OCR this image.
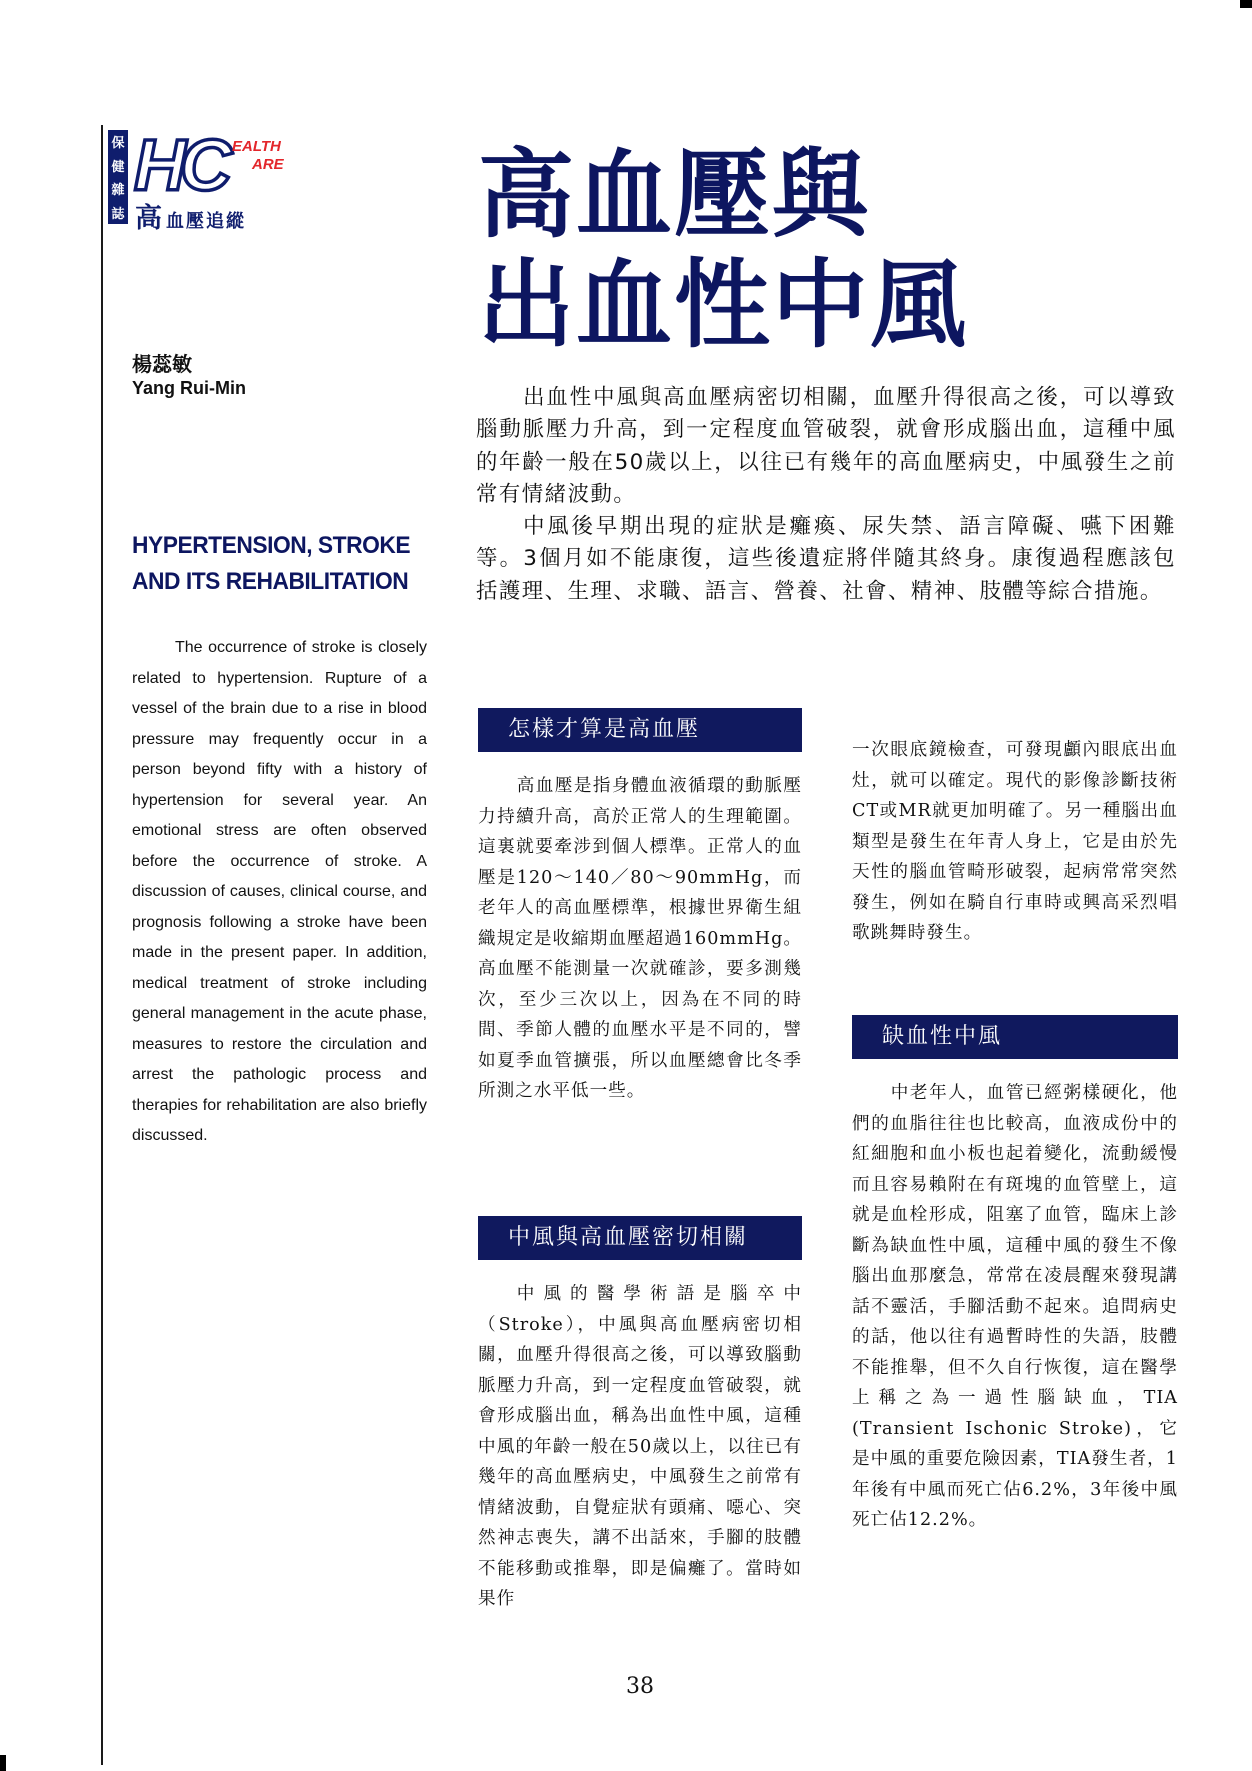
保
健
雜
誌
HC EALTH
ARE
高血壓追縱 高血壓與
出血性中風
楊蕊敏
Yang Rui-Min
HYPERTENSION, STROKE
AND ITS REHABILITATION

The occurrence of stroke is closely related to hypertension. Rupture of a vessel of the brain due to a rise in blood pressure may frequently occur in a person beyond fifty with a history of hypertension for several year. An emotional stress are often observed before the occurrence of stroke. A discussion of causes, clinical course, and prognosis following a stroke have been made in the present paper. In addition, medical treatment of stroke including general management in the acute phase, measures to restore the circulation and arrest the pathologic process and therapies for rehabilitation are also briefly discussed.

出血性中風與高血壓病密切相關，血壓升得很高之後，可以導致腦動脈壓力升高，到一定程度血管破裂，就會形成腦出血，這種中風的年齡一般在50歲以上，以往已有幾年的高血壓病史，中風發生之前常有情緒波動。

中風後早期出現的症狀是癱瘓、尿失禁、語言障礙、嚥下困難等。3個月如不能康復，這些後遺症將伴隨其終身。康復過程應該包括護理、生理、求職、語言、營養、社會、精神、肢體等綜合措施。

怎樣才算是高血壓

高血壓是指身體血液循環的動脈壓力持續升高，高於正常人的生理範圍。這裏就要牽涉到個人標準。正常人的血壓是120～140／80～90mmHg，而老年人的高血壓標準，根據世界衛生組織規定是收縮期血壓超過160mmHg。高血壓不能測量一次就確診，要多測幾次，至少三次以上，因為在不同的時間、季節人體的血壓水平是不同的，譬如夏季血管擴張，所以血壓總會比冬季所測之水平低一些。

中風與高血壓密切相關

中風的醫學術語是腦卒中（Stroke），中風與高血壓病密切相關，血壓升得很高之後，可以導致腦動脈壓力升高，到一定程度血管破裂，就會形成腦出血，稱為出血性中風，這種中風的年齡一般在50歲以上，以往已有幾年的高血壓病史，中風發生之前常有情緒波動，自覺症狀有頭痛、噁心、突然神志喪失，講不出話來，手腳的肢體不能移動或推舉，即是偏癱了。當時如果作

一次眼底鏡檢查，可發現顱內眼底出血灶，就可以確定。現代的影像診斷技術CT或MR就更加明確了。另一種腦出血類型是發生在年青人身上，它是由於先天性的腦血管畸形破裂，起病常常突然發生，例如在騎自行車時或興高采烈唱歌跳舞時發生。

缺血性中風

中老年人，血管已經粥樣硬化，他們的血脂往往也比較高，血液成份中的紅細胞和血小板也起着變化，流動緩慢而且容易賴附在有斑塊的血管壁上，這就是血栓形成，阻塞了血管，臨床上診斷為缺血性中風，這種中風的發生不像腦出血那麼急，常常在凌晨醒來發現講話不靈活，手腳活動不起來。追問病史的話，他以往有過暫時性的失語，肢體不能推舉，但不久自行恢復，這在醫學上稱之為一過性腦缺血，TIA (Transient Ischonic Stroke)，它是中風的重要危險因素，TIA發生者，1年後有中風而死亡佔6.2%，3年後中風死亡佔12.2%。

38
